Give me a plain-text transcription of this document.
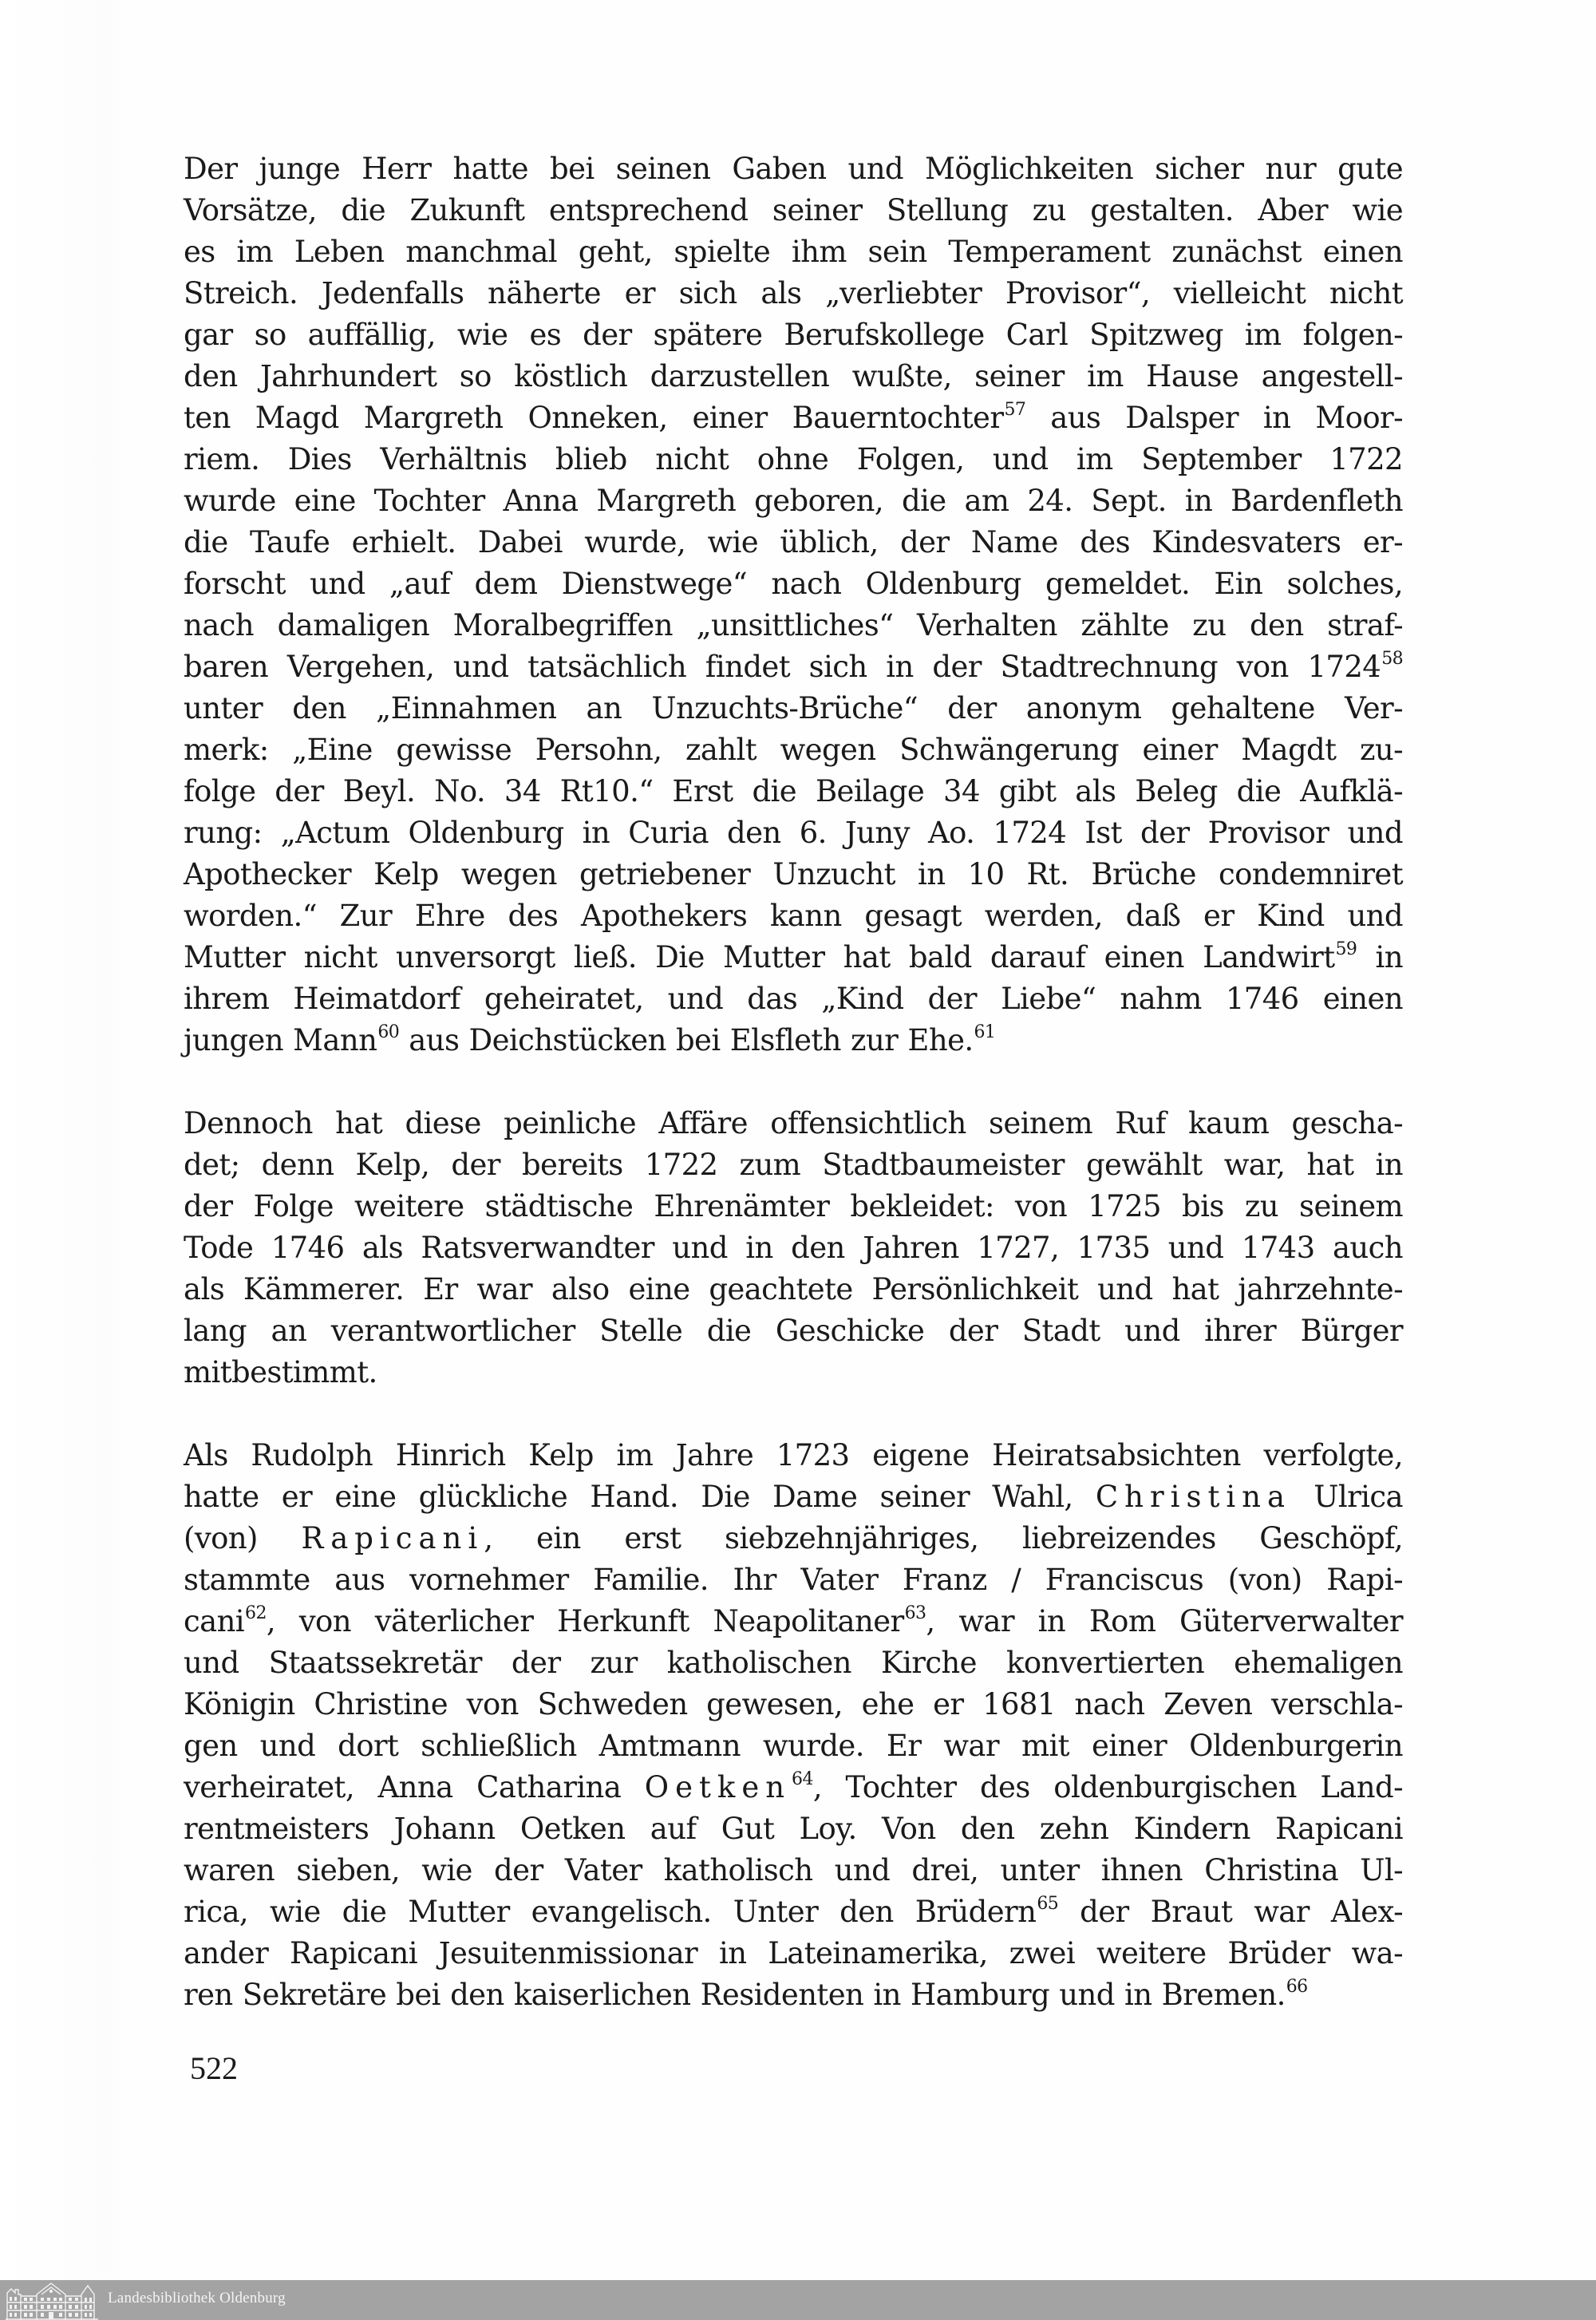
Der junge Herr hatte bei seinen Gaben und Möglichkeiten sicher nur gute
Vorsätze, die Zukunft entsprechend seiner Stellung zu gestalten. Aber wie
es im Leben manchmal geht, spielte ihm sein Temperament zunächst einen
Streich. Jedenfalls näherte er sich als „verliebter Provisor“, vielleicht nicht
gar so auffällig, wie es der spätere Berufskollege Carl Spitzweg im folgen-
den Jahrhundert so köstlich darzustellen wußte, seiner im Hause angestell-
ten Magd Margreth Onneken, einer Bauerntochter$^{57}$ aus Dalsper in Moor-
riem. Dies Verhältnis blieb nicht ohne Folgen, und im September 1722
wurde eine Tochter Anna Margreth geboren, die am 24. Sept. in Bardenfleth
die Taufe erhielt. Dabei wurde, wie üblich, der Name des Kindesvaters er-
forscht und „auf dem Dienstwege“ nach Oldenburg gemeldet. Ein solches,
nach damaligen Moralbegriffen „unsittliches“ Verhalten zählte zu den straf-
baren Vergehen, und tatsächlich findet sich in der Stadtrechnung von 1724$^{58}$
unter den „Einnahmen an Unzuchts-Brüche“ der anonym gehaltene Ver-
merk: „Eine gewisse Persohn, zahlt wegen Schwängerung einer Magdt zu-
folge der Beyl. No. 34 Rt10.“ Erst die Beilage 34 gibt als Beleg die Aufklä-
rung: „Actum Oldenburg in Curia den 6. Juny Ao. 1724 Ist der Provisor und
Apothecker Kelp wegen getriebener Unzucht in 10 Rt. Brüche condemniret
worden.“ Zur Ehre des Apothekers kann gesagt werden, daß er Kind und
Mutter nicht unversorgt ließ. Die Mutter hat bald darauf einen Landwirt$^{59}$ in
ihrem Heimatdorf geheiratet, und das „Kind der Liebe“ nahm 1746 einen
jungen Mann$^{60}$ aus Deichstücken bei Elsfleth zur Ehe.$^{61}$
Dennoch hat diese peinliche Affäre offensichtlich seinem Ruf kaum gescha-
det; denn Kelp, der bereits 1722 zum Stadtbaumeister gewählt war, hat in
der Folge weitere städtische Ehrenämter bekleidet: von 1725 bis zu seinem
Tode 1746 als Ratsverwandter und in den Jahren 1727, 1735 und 1743 auch
als Kämmerer. Er war also eine geachtete Persönlichkeit und hat jahrzehnte-
lang an verantwortlicher Stelle die Geschicke der Stadt und ihrer Bürger
mitbestimmt.
Als Rudolph Hinrich Kelp im Jahre 1723 eigene Heiratsabsichten verfolgte,
hatte er eine glückliche Hand. Die Dame seiner Wahl, Christina Ulrica
(von) Rapicani, ein erst siebzehnjähriges, liebreizendes Geschöpf,
stammte aus vornehmer Familie. Ihr Vater Franz / Franciscus (von) Rapi-
cani$^{62}$, von väterlicher Herkunft Neapolitaner$^{63}$, war in Rom Güterverwalter
und Staatssekretär der zur katholischen Kirche konvertierten ehemaligen
Königin Christine von Schweden gewesen, ehe er 1681 nach Zeven verschla-
gen und dort schließlich Amtmann wurde. Er war mit einer Oldenburgerin
verheiratet, Anna Catharina Oetken$^{64}$, Tochter des oldenburgischen Land-
rentmeisters Johann Oetken auf Gut Loy. Von den zehn Kindern Rapicani
waren sieben, wie der Vater katholisch und drei, unter ihnen Christina Ul-
rica, wie die Mutter evangelisch. Unter den Brüdern$^{65}$ der Braut war Alex-
ander Rapicani Jesuitenmissionar in Lateinamerika, zwei weitere Brüder wa-
ren Sekretäre bei den kaiserlichen Residenten in Hamburg und in Bremen.$^{66}$
522
Landesbibliothek Oldenburg
